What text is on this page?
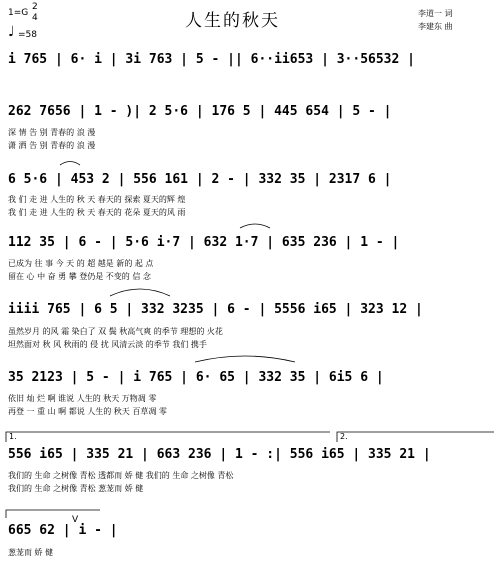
1=G
2
4
♩ =58
人生的秋天	李道一 词
李建东 曲
i 765 | 6· i | 3i 763 | 5 - || 6··ii653 | 3··56532 |
262 7656 | 1 - )| 2 5·6 | 176 5 | 445 654 | 5 - |
深 情 告 别 青春的 浪 漫
潇 洒 告 别 青春的 浪 漫
6 5·6 | 453 2 | 556 161 | 2 - | 332 35 | 2317 6 |
我 们 走 进 人生的 秋 天 春天的 探索 夏天的辉 煌
我 们 走 进 人生的 秋 天 春天的 花朵 夏天的风 雨
112 35 | 6 - | 5·6 i·7 | 632 1·7 | 635 236 | 1 - |
已成为 往 事 今 天 的 超 越是 新的 起 点
留在 心 中 奋 勇 攀 登仍是 不变的 信 念
iiii 765 | 6 5 | 332 3235 | 6 - | 5556 i65 | 323 12 |
虽然岁月 的风 霜 染白了 双 鬓 秋高气爽 的季节 理想的 火花
坦然面对 秋 风 秋雨的 侵 扰 风清云淡 的季节 我们 携手
35 2123 | 5 - | i 765 | 6· 65 | 332 35 | 6i5 6 |
依旧 灿 烂 啊 谁说 人生的 秋天 万物凋 零
再登 一 重 山 啊 都说 人生的 秋天 百草凋 零
1.	2.
556 i65 | 335 21 | 663 236 | 1 - :| 556 i65 | 335 21 |
我们的 生命 之树像 青松 透都而 娇 健 我们的 生命 之树像 青松
我们的 生命 之树像 青松 葱茏而 娇 健
665 62 | i - |
V
葱茏而 娇 健
